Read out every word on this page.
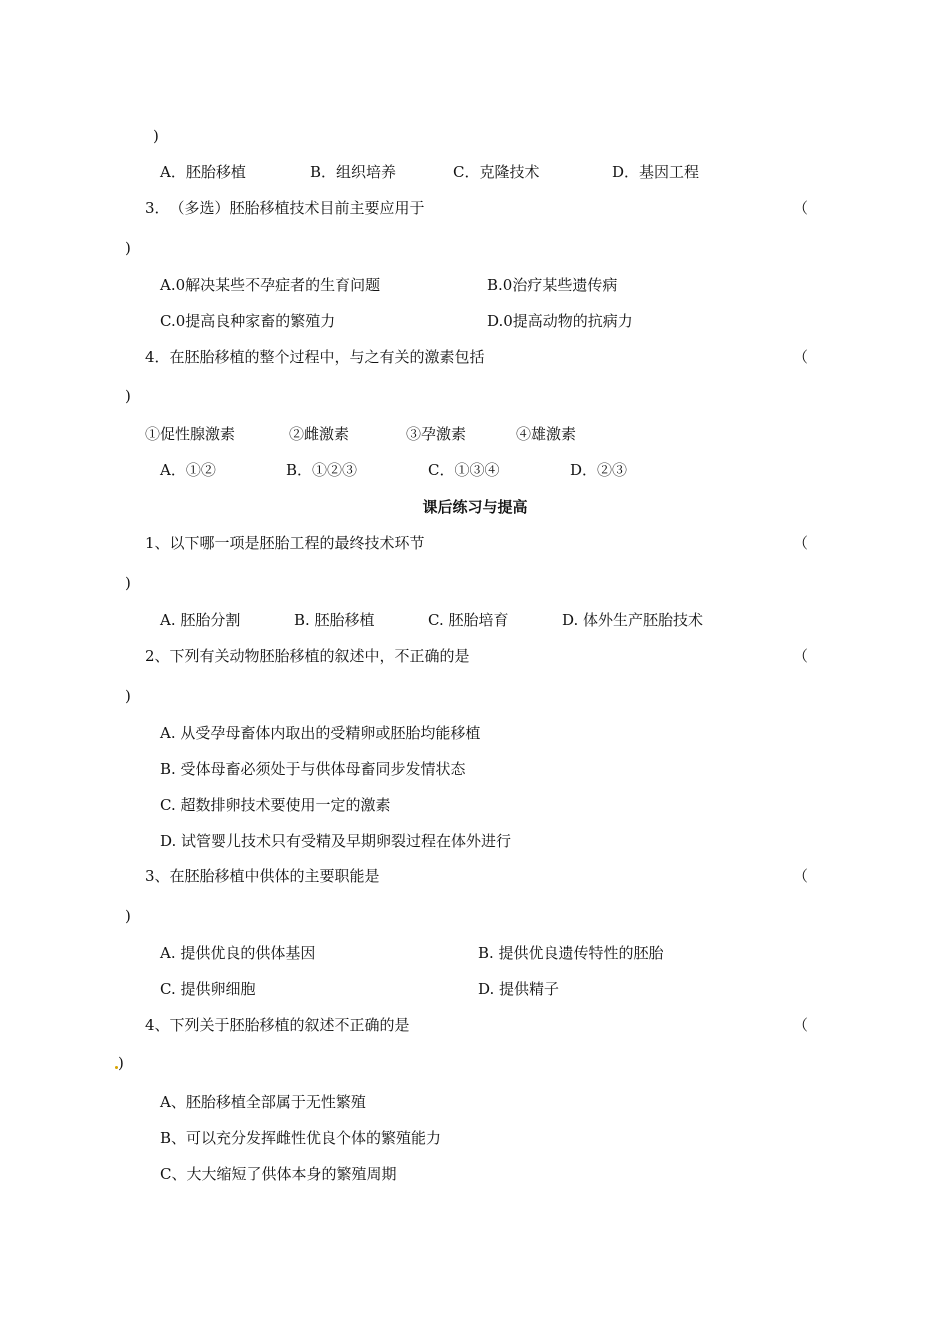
)
A．胚胎移植	B．组织培养	C．克隆技术	D．基因工程
3．　（多选）胚胎移植技术目前主要应用于	（
)
A.0解决某些不孕症者的生育问题	B.0治疗某些遗传病
C.0提高良种家畜的繁殖力	D.0提高动物的抗病力
4．在胚胎移植的整个过程中，与之有关的激素包括	（
)
①促性腺激素	②雌激素	③孕激素	④雄激素
A．①②	B．①②③	C．①③④	D．②③
课后练习与提高
1、以下哪一项是胚胎工程的最终技术环节	（
)
A. 胚胎分割	B. 胚胎移植	C. 胚胎培育	D. 体外生产胚胎技术
2、下列有关动物胚胎移植的叙述中，不正确的是	（
)
A. 从受孕母畜体内取出的受精卵或胚胎均能移植
B. 受体母畜必须处于与供体母畜同步发情状态
C. 超数排卵技术要使用一定的激素
D. 试管婴儿技术只有受精及早期卵裂过程在体外进行
3、在胚胎移植中供体的主要职能是	（
)
A. 提供优良的供体基因	B. 提供优良遗传特性的胚胎
C. 提供卵细胞	D. 提供精子
4、下列关于胚胎移植的叙述不正确的是	（
)
A、胚胎移植全部属于无性繁殖
B、可以充分发挥雌性优良个体的繁殖能力
C、大大缩短了供体本身的繁殖周期
